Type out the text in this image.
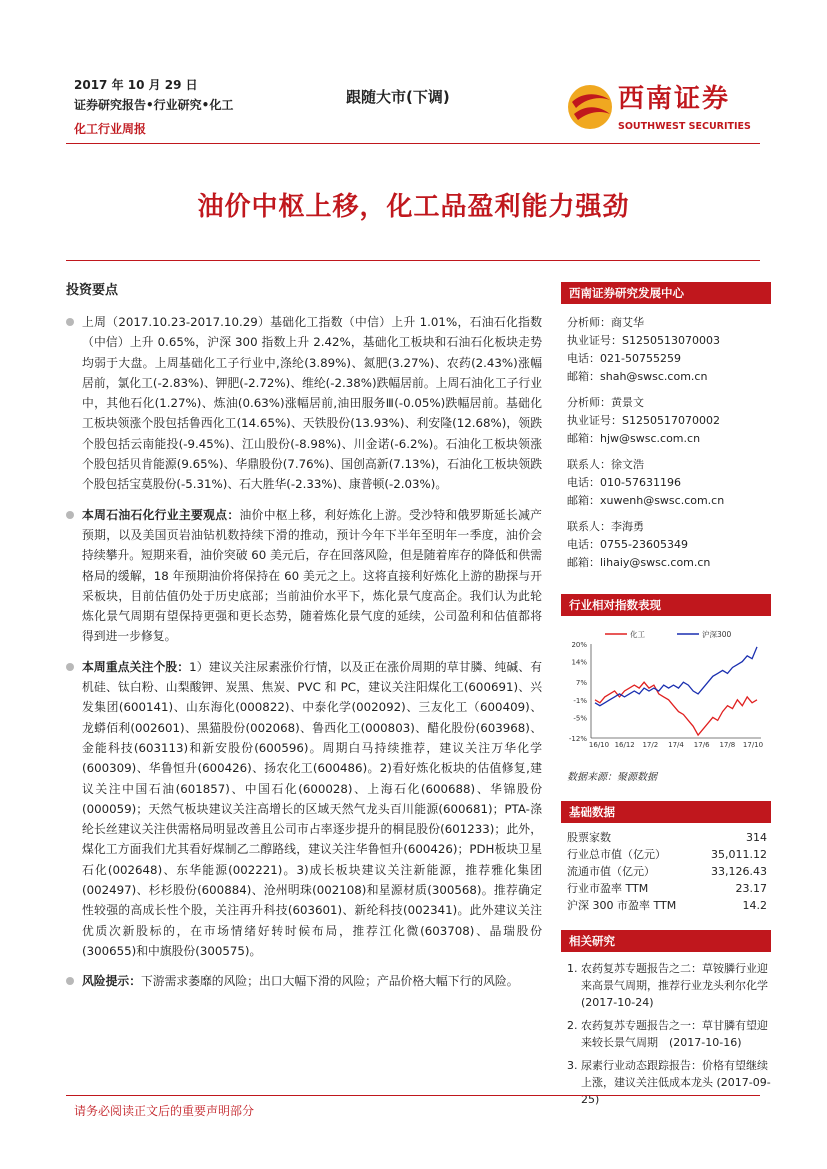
2017 年 10 月 29 日
证券研究报告•行业研究•化工
化工行业周报
跟随大市(下调)	西南证券
SOUTHWEST SECURITIES
油价中枢上移，化工品盈利能力强劲
投资要点
上周（2017.10.23-2017.10.29）基础化工指数（中信）上升 1.01%，石油石化指数（中信）上升 0.65%，沪深 300 指数上升 2.42%，基础化工板块和石油石化板块走势均弱于大盘。上周基础化工子行业中,涤纶(3.89%)、氮肥(3.27%)、农药(2.43%)涨幅居前，氯化工(-2.83%)、钾肥(-2.72%)、维纶(-2.38%)跌幅居前。上周石油化工子行业中，其他石化(1.27%)、炼油(0.63%)涨幅居前,油田服务Ⅲ(-0.05%)跌幅居前。基础化工板块领涨个股包括鲁西化工(14.65%)、天铁股份(13.93%)、利安隆(12.68%)，领跌个股包括云南能投(-9.45%)、江山股份(-8.98%)、川金诺(-6.2%)。石油化工板块领涨个股包括贝肯能源(9.65%)、华鼎股份(7.76%)、国创高新(7.13%)，石油化工板块领跌个股包括宝莫股份(-5.31%)、石大胜华(-2.33%)、康普顿(-2.03%)。
本周石油石化行业主要观点：油价中枢上移，利好炼化上游。受沙特和俄罗斯延长减产预期，以及美国页岩油钻机数持续下滑的推动，预计今年下半年至明年一季度，油价会持续攀升。短期来看，油价突破 60 美元后，存在回落风险，但是随着库存的降低和供需格局的缓解，18 年预期油价将保持在 60 美元之上。这将直接利好炼化上游的勘探与开采板块，目前估值仍处于历史底部；当前油价水平下，炼化景气度高企。我们认为此轮炼化景气周期有望保持更强和更长态势，随着炼化景气度的延续，公司盈利和估值都将得到进一步修复。
本周重点关注个股：1）建议关注尿素涨价行情，以及正在涨价周期的草甘膦、纯碱、有机硅、钛白粉、山梨酸钾、炭黑、焦炭、PVC 和 PC，建议关注阳煤化工(600691)、兴发集团(600141)、山东海化(000822)、中泰化学(002092)、三友化工（600409)、龙蟒佰利(002601)、黑猫股份(002068)、鲁西化工(000803)、醋化股份(603968)、金能科技(603113)和新安股份(600596)。周期白马持续推荐，建议关注万华化学(600309)、华鲁恒升(600426)、扬农化工(600486)。2)看好炼化板块的估值修复,建议关注中国石油(601857)、中国石化(600028)、上海石化(600688)、华锦股份(000059)；天然气板块建议关注高增长的区域天然气龙头百川能源(600681)；PTA-涤纶长丝建议关注供需格局明显改善且公司市占率逐步提升的桐昆股份(601233)；此外，煤化工方面我们尤其看好煤制乙二醇路线，建议关注华鲁恒升(600426)；PDH板块卫星石化(002648)、东华能源(002221)。3)成长板块建议关注新能源，推荐雅化集团(002497)、杉杉股份(600884)、沧州明珠(002108)和星源材质(300568)。推荐确定性较强的高成长性个股，关注再升科技(603601)、新纶科技(002341)。此外建议关注优质次新股标的，在市场情绪好转时候布局，推荐江化微(603708)、晶瑞股份(300655)和中旗股份(300575)。
风险提示：下游需求萎靡的风险；出口大幅下滑的风险；产品价格大幅下行的风险。
西南证券研究发展中心
分析师：商艾华
执业证号：S1250513070003
电话：021-50755259
邮箱：shah@swsc.com.cn
分析师：黄景文
执业证号：S1250517070002
邮箱：hjw@swsc.com.cn
联系人：徐文浩
电话：010-57631196
邮箱：xuwenh@swsc.com.cn
联系人：李海勇
电话：0755-23605349
邮箱：lihaiy@swsc.com.cn
行业相对指数表现
20%
14%
7%
-1%
-5%
-12%
16/10 16/12 17/2 17/4 17/6 17/8 17/10
化工	沪深300
数据来源：聚源数据
基础数据
股票家数	314
行业总市值（亿元）	35,011.12
流通市值（亿元）	33,126.43
行业市盈率 TTM	23.17
沪深 300 市盈率 TTM	14.2
相关研究
1. 农药复苏专题报告之二：草铵膦行业迎来高景气周期，推荐行业龙头利尔化学 (2017-10-24)
2. 农药复苏专题报告之一：草甘膦有望迎来较长景气周期　(2017-10-16)
3. 尿素行业动态跟踪报告：价格有望继续上涨，建议关注低成本龙头 (2017-09-25)
请务必阅读正文后的重要声明部分
